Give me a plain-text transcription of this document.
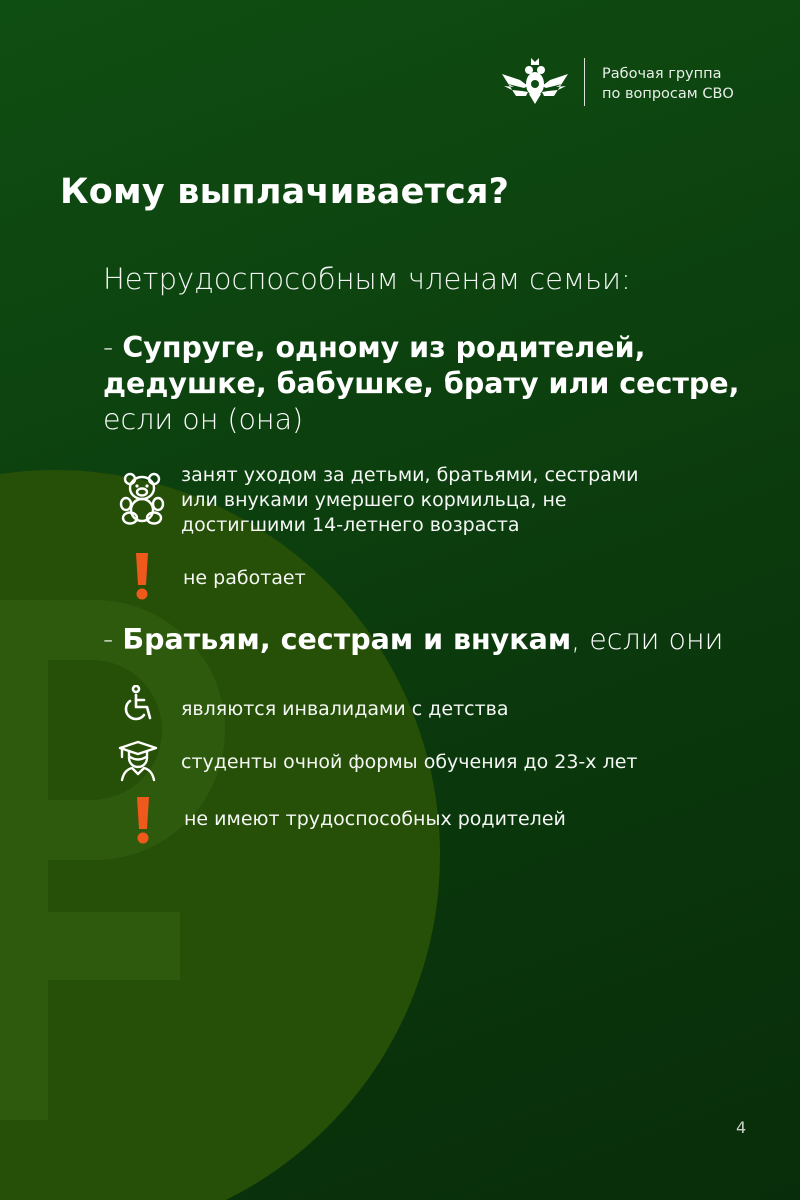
Рабочая группа
по вопросам СВО
Кому выплачивается?
Нетрудоспособным членам семьи:
- Супруге, одному из родителей,
дедушке, бабушке, брату или сестре,
если он (она)
занят уходом за детьми, братьями, сестрами
или внуками умершего кормильца, не
достигшими 14-летнего возраста
не работает
- Братьям, сестрам и внукам, если они
являются инвалидами с детства
студенты очной формы обучения до 23-х лет
не имеют трудоспособных родителей
4
